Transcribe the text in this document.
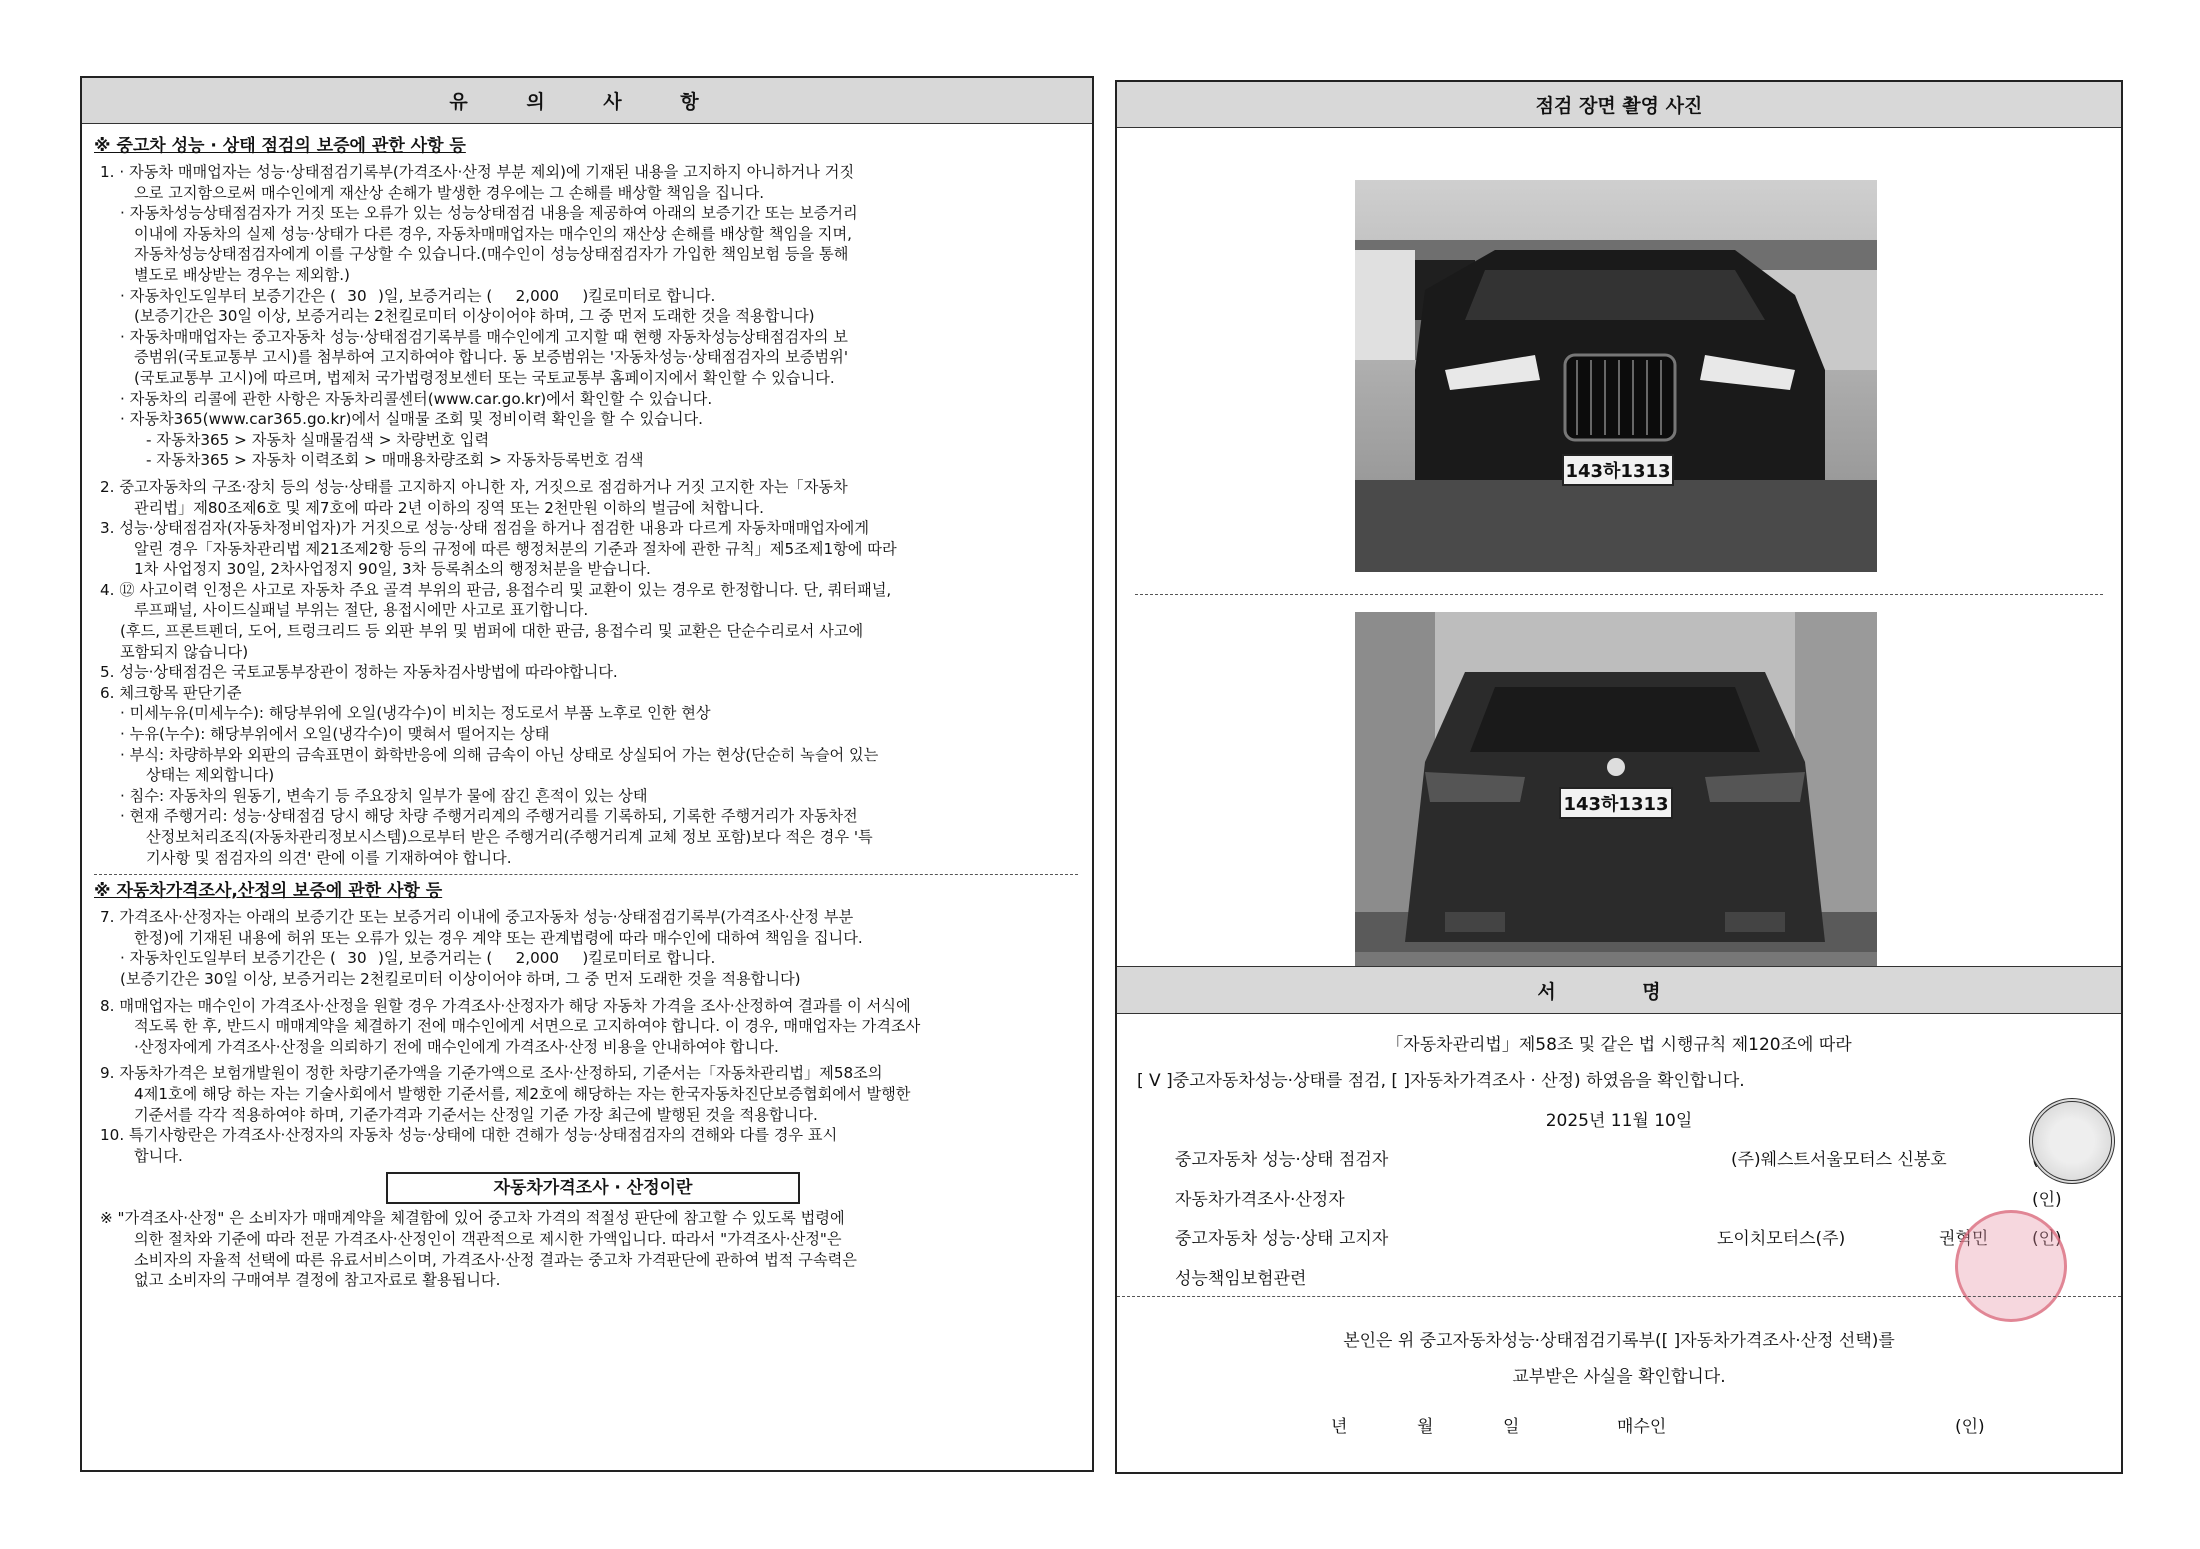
유 의 사 항
※ 중고차 성능 · 상태 점검의 보증에 관한 사항 등
1. · 자동차 매매업자는 성능·상태점검기록부(가격조사·산정 부분 제외)에 기재된 내용을 고지하지 아니하거나 거짓
으로 고지함으로써 매수인에게 재산상 손해가 발생한 경우에는 그 손해를 배상할 책임을 집니다.
· 자동차성능상태점검자가 거짓 또는 오류가 있는 성능상태점검 내용을 제공하여 아래의 보증기간 또는 보증거리
이내에 자동차의 실제 성능·상태가 다른 경우, 자동차매매업자는 매수인의 재산상 손해를 배상할 책임을 지며,
자동차성능상태점검자에게 이를 구상할 수 있습니다.(매수인이 성능상태점검자가 가입한 책임보험 등을 통해
별도로 배상받는 경우는 제외함.)
· 자동차인도일부터 보증기간은 ( 30 )일, 보증거리는 ( 2,000 )킬로미터로 합니다.
(보증기간은 30일 이상, 보증거리는 2천킬로미터 이상이어야 하며, 그 중 먼저 도래한 것을 적용합니다)
· 자동차매매업자는 중고자동차 성능·상태점검기록부를 매수인에게 고지할 때 현행 자동차성능상태점검자의 보
증범위(국토교통부 고시)를 첨부하여 고지하여야 합니다. 동 보증범위는 '자동차성능·상태점검자의 보증범위'
(국토교통부 고시)에 따르며, 법제처 국가법령정보센터 또는 국토교통부 홈페이지에서 확인할 수 있습니다.
· 자동차의 리콜에 관한 사항은 자동차리콜센터(www.car.go.kr)에서 확인할 수 있습니다.
· 자동차365(www.car365.go.kr)에서 실매물 조회 및 정비이력 확인을 할 수 있습니다.
- 자동차365 > 자동차 실매물검색 > 차량번호 입력
- 자동차365 > 자동차 이력조회 > 매매용차량조회 > 자동차등록번호 검색
2. 중고자동차의 구조·장치 등의 성능·상태를 고지하지 아니한 자, 거짓으로 점검하거나 거짓 고지한 자는「자동차
관리법」제80조제6호 및 제7호에 따라 2년 이하의 징역 또는 2천만원 이하의 벌금에 처합니다.
3. 성능·상태점검자(자동차정비업자)가 거짓으로 성능·상태 점검을 하거나 점검한 내용과 다르게 자동차매매업자에게
알린 경우「자동차관리법 제21조제2항 등의 규정에 따른 행정처분의 기준과 절차에 관한 규칙」제5조제1항에 따라
1차 사업정지 30일, 2차사업정지 90일, 3차 등록취소의 행정처분을 받습니다.
4. ⑫ 사고이력 인정은 사고로 자동차 주요 골격 부위의 판금, 용접수리 및 교환이 있는 경우로 한정합니다. 단, 쿼터패널,
루프패널, 사이드실패널 부위는 절단, 용접시에만 사고로 표기합니다.
(후드, 프론트펜더, 도어, 트렁크리드 등 외판 부위 및 범퍼에 대한 판금, 용접수리 및 교환은 단순수리로서 사고에
포함되지 않습니다)
5. 성능·상태점검은 국토교통부장관이 정하는 자동차검사방법에 따라야합니다.
6. 체크항목 판단기준
· 미세누유(미세누수): 해당부위에 오일(냉각수)이 비치는 정도로서 부품 노후로 인한 현상
· 누유(누수): 해당부위에서 오일(냉각수)이 맺혀서 떨어지는 상태
· 부식: 차량하부와 외판의 금속표면이 화학반응에 의해 금속이 아닌 상태로 상실되어 가는 현상(단순히 녹슬어 있는
상태는 제외합니다)
· 침수: 자동차의 원동기, 변속기 등 주요장치 일부가 물에 잠긴 흔적이 있는 상태
· 현재 주행거리: 성능·상태점검 당시 해당 차량 주행거리계의 주행거리를 기록하되, 기록한 주행거리가 자동차전
산정보처리조직(자동차관리정보시스템)으로부터 받은 주행거리(주행거리계 교체 정보 포함)보다 적은 경우 '특
기사항 및 점검자의 의견' 란에 이를 기재하여야 합니다.
※ 자동차가격조사,산정의 보증에 관한 사항 등
7. 가격조사·산정자는 아래의 보증기간 또는 보증거리 이내에 중고자동차 성능·상태점검기록부(가격조사·산정 부분
한정)에 기재된 내용에 허위 또는 오류가 있는 경우 계약 또는 관계법령에 따라 매수인에 대하여 책임을 집니다.
· 자동차인도일부터 보증기간은 ( 30 )일, 보증거리는 ( 2,000 )킬로미터로 합니다.
(보증기간은 30일 이상, 보증거리는 2천킬로미터 이상이어야 하며, 그 중 먼저 도래한 것을 적용합니다)
8. 매매업자는 매수인이 가격조사·산정을 원할 경우 가격조사·산정자가 해당 자동차 가격을 조사·산정하여 결과를 이 서식에
적도록 한 후, 반드시 매매계약을 체결하기 전에 매수인에게 서면으로 고지하여야 합니다. 이 경우, 매매업자는 가격조사
·산정자에게 가격조사·산정을 의뢰하기 전에 매수인에게 가격조사·산정 비용을 안내하여야 합니다.
9. 자동차가격은 보험개발원이 정한 차량기준가액을 기준가액으로 조사·산정하되, 기준서는「자동차관리법」제58조의
4제1호에 해당 하는 자는 기술사회에서 발행한 기준서를, 제2호에 해당하는 자는 한국자동차진단보증협회에서 발행한
기준서를 각각 적용하여야 하며, 기준가격과 기준서는 산정일 기준 가장 최근에 발행된 것을 적용합니다.
10. 특기사항란은 가격조사·산정자의 자동차 성능·상태에 대한 견해가 성능·상태점검자의 견해와 다를 경우 표시
합니다.
자동차가격조사 · 산정이란
※ "가격조사·산정" 은 소비자가 매매계약을 체결함에 있어 중고차 가격의 적절성 판단에 참고할 수 있도록 법령에
의한 절차와 기준에 따라 전문 가격조사·산정인이 객관적으로 제시한 가액입니다. 따라서 "가격조사·산정"은
소비자의 자율적 선택에 따른 유료서비스이며, 가격조사·산정 결과는 중고차 가격판단에 관하여 법적 구속력은
없고 소비자의 구매여부 결정에 참고자료로 활용됩니다.
점검 장면 촬영 사진
143하1313
143하1313
서 명
「자동차관리법」제58조 및 같은 법 시행규칙 제120조에 따라
[ V ]중고자동차성능·상태를 점검, [ ]자동차가격조사 · 산정) 하였음을 확인합니다.
2025년 11월 10일
중고자동차 성능·상태 점검자	(주)웨스트서울모터스 신봉호
자동차가격조사·산정자	(인)
중고자동차 성능·상태 고지자	도이치모터스(주)	권혁민	(인)
성능책임보험관련
본인은 위 중고자동차성능·상태점검기록부([ ]자동차가격조사·산정 선택)를
교부받은 사실을 확인합니다.
년	월	일	매수인	(인)
